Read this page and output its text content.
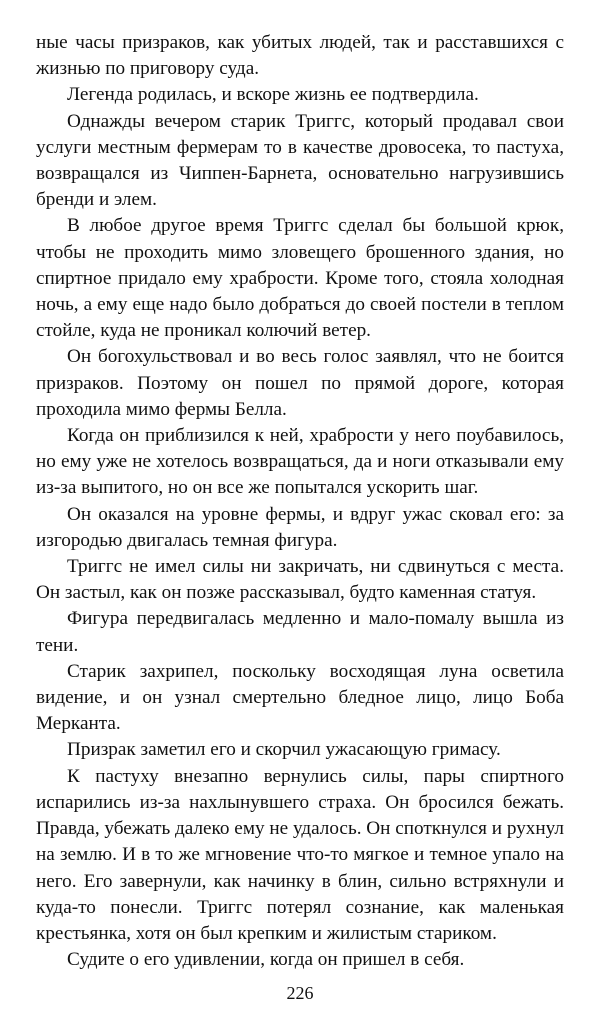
ные часы призраков, как убитых людей, так и расставшихся с жизнью по приговору суда.

Легенда родилась, и вскоре жизнь ее подтвердила.

Однажды вечером старик Триггс, который продавал свои услуги местным фермерам то в качестве дровосека, то пастуха, возвращался из Чиппен-Барнета, основательно нагрузившись бренди и элем.

В любое другое время Триггс сделал бы большой крюк, чтобы не проходить мимо зловещего брошенного здания, но спиртное придало ему храбрости. Кроме того, стояла холодная ночь, а ему еще надо было добраться до своей постели в теплом стойле, куда не проникал колючий ветер.

Он богохульствовал и во весь голос заявлял, что не боится призраков. Поэтому он пошел по прямой дороге, которая проходила мимо фермы Белла.

Когда он приблизился к ней, храбрости у него поубавилось, но ему уже не хотелось возвращаться, да и ноги отказывали ему из-за выпитого, но он все же попытался ускорить шаг.

Он оказался на уровне фермы, и вдруг ужас сковал его: за изгородью двигалась темная фигура.

Триггс не имел силы ни закричать, ни сдвинуться с места. Он застыл, как он позже рассказывал, будто каменная статуя.

Фигура передвигалась медленно и мало-помалу вышла из тени.

Старик захрипел, поскольку восходящая луна осветила видение, и он узнал смертельно бледное лицо, лицо Боба Мерканта.

Призрак заметил его и скорчил ужасающую гримасу.

К пастуху внезапно вернулись силы, пары спиртного испарились из-за нахлынувшего страха. Он бросился бежать. Правда, убежать далеко ему не удалось. Он споткнулся и рухнул на землю. И в то же мгновение что-то мягкое и темное упало на него. Его завернули, как начинку в блин, сильно встряхнули и куда-то понесли. Триггс потерял сознание, как маленькая крестьянка, хотя он был крепким и жилистым стариком.

Судите о его удивлении, когда он пришел в себя.

226
